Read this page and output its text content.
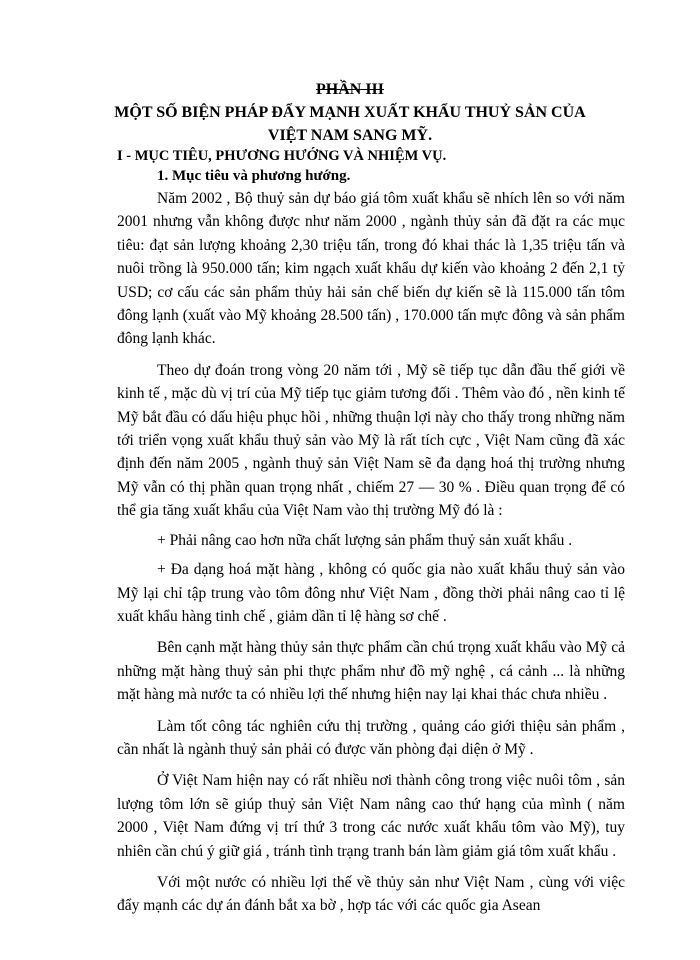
PHẦN III
MỘT SỐ BIỆN PHÁP ĐẨY MẠNH XUẤT KHẨU THUỶ SẢN CỦA VIỆT NAM SANG MỸ.
I - MỤC TIÊU, PHƯƠNG HƯỚNG VÀ NHIỆM VỤ.
1. Mục tiêu và phương hướng.

Năm 2002 , Bộ thuỷ sản dự báo giá tôm xuất khẩu sẽ nhích lên so với năm 2001 nhưng vẫn không được như năm 2000 , ngành thủy sản đã đặt ra các mục tiêu: đạt sản lượng khoảng 2,30 triệu tấn, trong đó khai thác là 1,35 triệu tấn và nuôi trồng là 950.000 tấn; kim ngạch xuất khẩu dự kiến vào khoảng 2 đến 2,1 tỷ USD; cơ cấu các sản phẩm thủy hải sản chế biến dự kiến sẽ là 115.000 tấn tôm đông lạnh (xuất vào Mỹ khoảng 28.500 tấn) , 170.000 tấn mực đông và sản phẩm đông lạnh khác.

Theo dự đoán trong vòng 20 năm tới , Mỹ sẽ tiếp tục dẫn đầu thế giới về kinh tế , mặc dù vị trí của Mỹ tiếp tục giảm tương đối . Thêm vào đó , nền kinh tế Mỹ bắt đầu có dấu hiệu phục hồi , những thuận lợi này cho thấy trong những năm tới triển vọng xuất khẩu thuỷ sản vào Mỹ là rất tích cực , Việt Nam cũng đã xác định đến năm 2005 , ngành thuỷ sản Việt Nam sẽ đa dạng hoá thị trường nhưng Mỹ vẫn có thị phần quan trọng nhất , chiếm 27 — 30 % . Điều quan trọng để có thể gia tăng xuất khẩu của Việt Nam vào thị trường Mỹ đó là :

+ Phải nâng cao hơn nữa chất lượng sản phẩm thuỷ sản xuất khẩu .

+ Đa dạng hoá mặt hàng , không có quốc gia nào xuất khẩu thuỷ sản vào Mỹ lại chỉ tập trung vào tôm đông như Việt Nam , đồng thời phải nâng cao tỉ lệ xuất khẩu hàng tinh chế , giảm dần tỉ lệ hàng sơ chế .

Bên cạnh mặt hàng thủy sản thực phẩm cần chú trọng xuất khẩu vào Mỹ cả những mặt hàng thuỷ sản phi thực phẩm như đồ mỹ nghệ , cá cảnh ... là những mặt hàng mà nước ta có nhiều lợi thế nhưng hiện nay lại khai thác chưa nhiều .

Làm tốt công tác nghiên cứu thị trường , quảng cáo giới thiệu sản phẩm , cần nhất là ngành thuỷ sản phải có được văn phòng đại diện ở Mỹ .

Ở Việt Nam hiện nay có rất nhiều nơi thành công trong việc nuôi tôm , sản lượng tôm lớn sẽ giúp thuỷ sản Việt Nam nâng cao thứ hạng của mình ( năm 2000 , Việt Nam đứng vị trí thứ 3 trong các nước xuất khẩu tôm vào Mỹ), tuy nhiên cần chú ý giữ giá , tránh tình trạng tranh bán làm giảm giá tôm xuất khẩu .

Với một nước có nhiều lợi thế về thủy sản như Việt Nam , cùng với việc đẩy mạnh các dự án đánh bắt xa bờ , hợp tác với các quốc gia Asean
